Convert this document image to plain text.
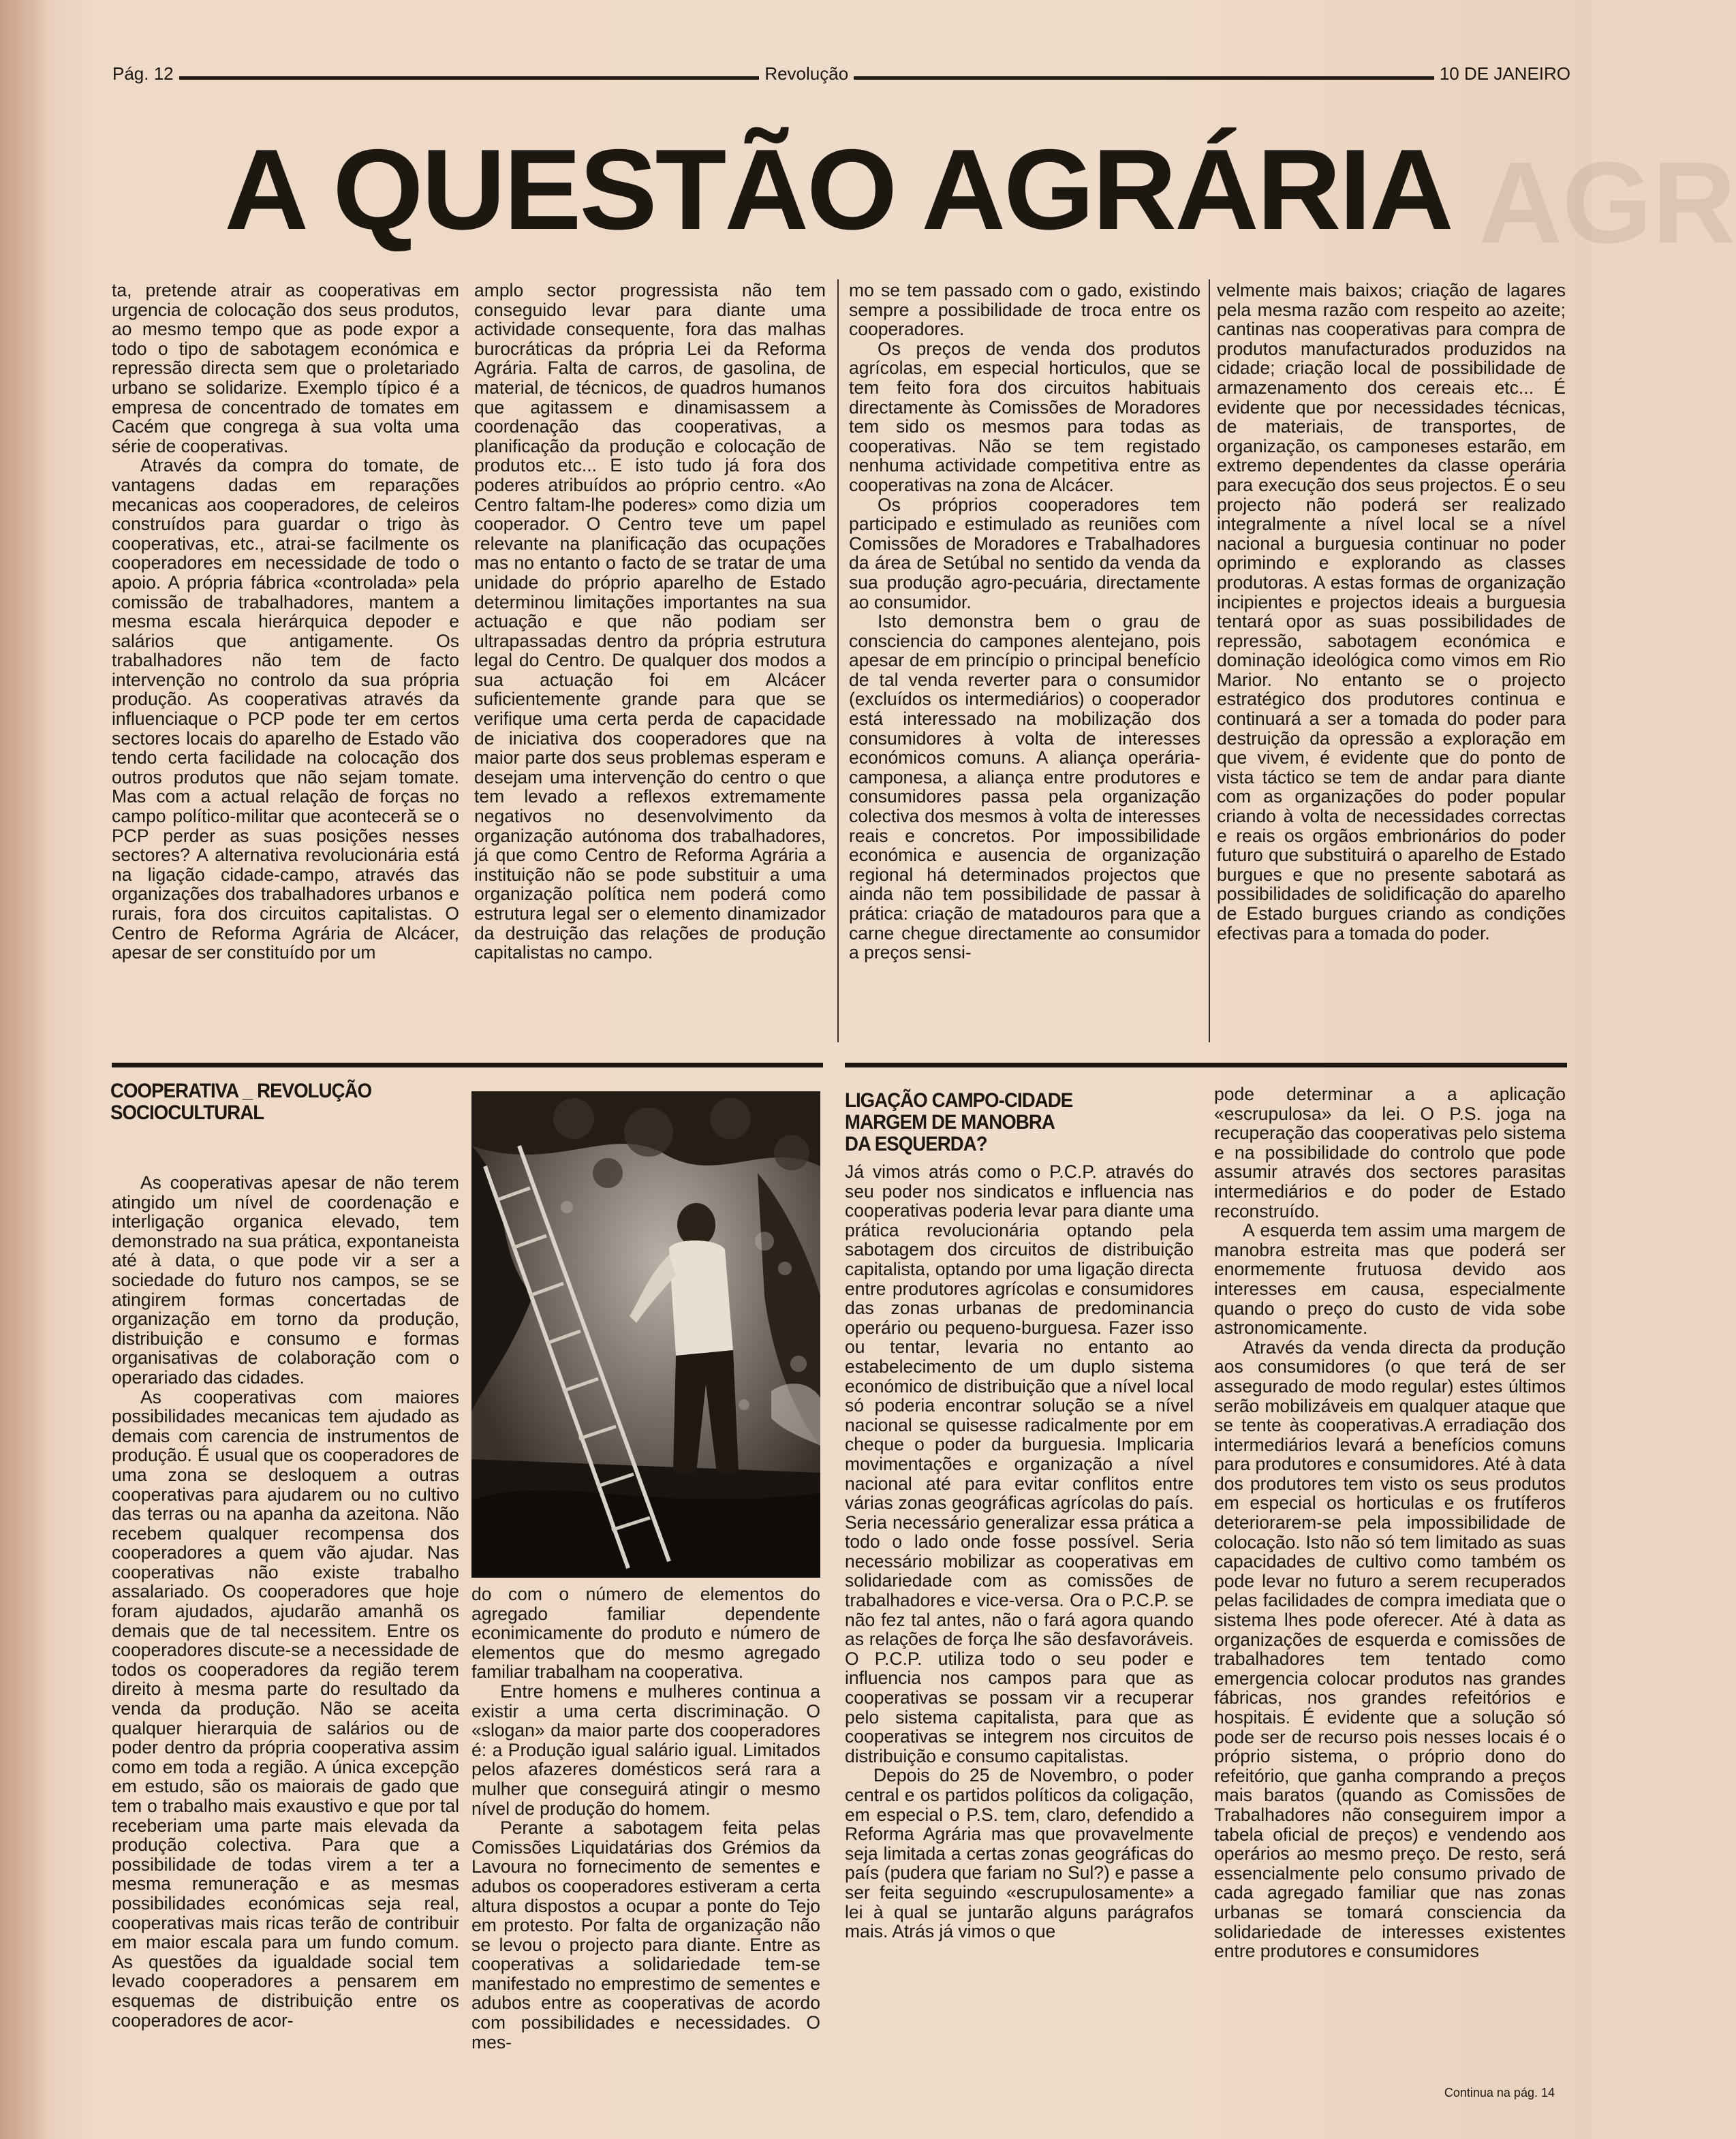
Pág. 12	Revolução	10 DE JANEIRO
AGR
A QUESTÃO AGRÁRIA

ta, pretende atrair as cooperativas em urgencia de colocação dos seus produtos, ao mesmo tempo que as pode expor a todo o tipo de sabotagem económica e repressão directa sem que o proletariado urbano se solidarize. Exemplo típico é a empresa de concentrado de tomates em Cacém que congrega à sua volta uma série de cooperativas.

Através da compra do tomate, de vantagens dadas em reparações mecanicas aos cooperadores, de celeiros construídos para guardar o trigo às cooperativas, etc., atrai-se facilmente os cooperadores em necessidade de todo o apoio. A própria fábrica «controlada» pela comissão de trabalhadores, mantem a mesma escala hierárquica depoder e salários que antigamente. Os trabalhadores não tem de facto intervenção no controlo da sua própria produção. As cooperativas através da influenciaque o PCP pode ter em certos sectores locais do aparelho de Estado vão tendo certa facilidade na colocação dos outros produtos que não sejam tomate. Mas com a actual relação de forças no campo político-militar que aconteceră se o PCP perder as suas posições nesses sectores? A alternativa revolucionária está na ligação cidade-campo, através das organizações dos trabalhadores urbanos e rurais, fora dos circuitos capitalistas. O Centro de Reforma Agrária de Alcácer, apesar de ser constituído por um

amplo sector progressista não tem conseguido levar para diante uma actividade consequente, fora das malhas burocráticas da própria Lei da Reforma Agrária. Falta de carros, de gasolina, de material, de técnicos, de quadros humanos que agitassem e dinamisassem a coordenação das cooperativas, a planificação da produção e colocação de produtos etc... E isto tudo já fora dos poderes atribuídos ao próprio centro. «Ao Centro faltam-lhe poderes» como dizia um cooperador. O Centro teve um papel relevante na planificação das ocupações mas no entanto o facto de se tratar de uma unidade do próprio aparelho de Estado determinou limitações importantes na sua actuação e que não podiam ser ultrapassadas dentro da própria estrutura legal do Centro. De qualquer dos modos a sua actuação foi em Alcácer suficientemente grande para que se verifique uma certa perda de capacidade de iniciativa dos cooperadores que na maior parte dos seus problemas esperam e desejam uma intervenção do centro o que tem levado a reflexos extremamente negativos no desenvolvimento da organização autónoma dos trabalhadores, já que como Centro de Reforma Agrária a instituição não se pode substituir a uma organização política nem poderá como estrutura legal ser o elemento dinamizador da destruição das relações de produção capitalistas no campo.

mo se tem passado com o gado, existindo sempre a possibilidade de troca entre os cooperadores.

Os preços de venda dos produtos agrícolas, em especial horticulos, que se tem feito fora dos circuitos habituais directamente às Comissões de Moradores tem sido os mesmos para todas as cooperativas. Não se tem registado nenhuma actividade competitiva entre as cooperativas na zona de Alcácer.

Os próprios cooperadores tem participado e estimulado as reuniões com Comissões de Moradores e Trabalhadores da área de Setúbal no sentido da venda da sua produção agro-pecuária, directamente ao consumidor.

Isto demonstra bem o grau de consciencia do campones alentejano, pois apesar de em princípio o principal benefício de tal venda reverter para o consumidor (excluídos os intermediários) o cooperador está interessado na mobilização dos consumidores à volta de interesses económicos comuns. A aliança operária-camponesa, a aliança entre produtores e consumidores passa pela organização colectiva dos mesmos à volta de interesses reais e concretos. Por impossibilidade económica e ausencia de organização regional há determinados projectos que ainda não tem possibilidade de passar à prática: criação de matadouros para que a carne chegue directamente ao consumidor a preços sensi-

velmente mais baixos; criação de lagares pela mesma razão com respeito ao azeite; cantinas nas cooperativas para compra de produtos manufacturados produzidos na cidade; criação local de possibilidade de armazenamento dos cereais etc... É evidente que por necessidades técnicas, de materiais, de transportes, de organização, os camponeses estarão, em extremo dependentes da classe operária para execução dos seus projectos. É o seu projecto não poderá ser realizado integralmente a nível local se a nível nacional a burguesia continuar no poder oprimindo e explorando as classes produtoras. A estas formas de organização incipientes e projectos ideais a burguesia tentará opor as suas possibilidades de repressão, sabotagem económica e dominação ideológica como vimos em Rio Marior. No entanto se o projecto estratégico dos produtores continua e continuará a ser a tomada do poder para destruição da opressão a exploração em que vivem, é evidente que do ponto de vista táctico se tem de andar para diante com as organizações do poder popular criando à volta de necessidades correctas e reais os orgãos embrionários do poder futuro que substituirá o aparelho de Estado burgues e que no presente sabotará as possibilidades de solidificação do aparelho de Estado burgues criando as condições efectivas para a tomada do poder.

COOPERATIVA _ REVOLUÇÃO
SOCIOCULTURAL

As cooperativas apesar de não terem atingido um nível de coordenação e interligação organica elevado, tem demonstrado na sua prática, expontaneista até à data, o que pode vir a ser a sociedade do futuro nos campos, se se atingirem formas concertadas de organização em torno da produção, distribuição e consumo e formas organisativas de colaboração com o operariado das cidades.

As cooperativas com maiores possibilidades mecanicas tem ajudado as demais com carencia de instrumentos de produção. É usual que os cooperadores de uma zona se desloquem a outras cooperativas para ajudarem ou no cultivo das terras ou na apanha da azeitona. Não recebem qualquer recompensa dos cooperadores a quem vão ajudar. Nas cooperativas não existe trabalho assalariado. Os cooperadores que hoje foram ajudados, ajudarão amanhã os demais que de tal necessitem. Entre os cooperadores discute-se a necessidade de todos os cooperadores da região terem direito à mesma parte do resultado da venda da produção. Não se aceita qualquer hierarquia de salários ou de poder dentro da própria cooperativa assim como em toda a região. A única excepção em estudo, são os maiorais de gado que tem o trabalho mais exaustivo e que por tal receberiam uma parte mais elevada da produção colectiva. Para que a possibilidade de todas virem a ter a mesma remuneração e as mesmas possibilidades económicas seja real, cooperativas mais ricas terão de contribuir em maior escala para um fundo comum. As questões da igualdade social tem levado cooperadores a pensarem em esquemas de distribuição entre os cooperadores de acor-

do com o número de elementos do agregado familiar dependente econimicamente do produto e número de elementos que do mesmo agregado familiar trabalham na cooperativa.

Entre homens e mulheres continua a existir a uma certa discriminação. O «slogan» da maior parte dos cooperadores é: a Produção igual salário igual. Limitados pelos afazeres domésticos será rara a mulher que conseguirá atingir o mesmo nível de produção do homem.

Perante a sabotagem feita pelas Comissões Liquidatárias dos Grémios da Lavoura no fornecimento de sementes e adubos os cooperadores estiveram a certa altura dispostos a ocupar a ponte do Tejo em protesto. Por falta de organização não se levou o projecto para diante. Entre as cooperativas a solidariedade tem-se manifestado no emprestimo de sementes e adubos entre as cooperativas de acordo com possibilidades e necessidades. O mes-

LIGAÇÃO CAMPO-CIDADE
MARGEM DE MANOBRA
DA ESQUERDA?

Já vimos atrás como o P.C.P. através do seu poder nos sindicatos e influencia nas cooperativas poderia levar para diante uma prática revolucionária optando pela sabotagem dos circuitos de distribuição capitalista, optando por uma ligação directa entre produtores agrícolas e consumidores das zonas urbanas de predominancia operário ou pequeno-burguesa. Fazer isso ou tentar, levaria no entanto ao estabelecimento de um duplo sistema económico de distribuição que a nível local só poderia encontrar solução se a nível nacional se quisesse radicalmente por em cheque o poder da burguesia. Implicaria movimentações e organização a nível nacional até para evitar conflitos entre várias zonas geográficas agrícolas do país. Seria necessário generalizar essa prática a todo o lado onde fosse possível. Seria necessário mobilizar as cooperativas em solidariedade com as comissões de trabalhadores e vice-versa. Ora o P.C.P. se não fez tal antes, não o fará agora quando as relações de força lhe são desfavoráveis. O P.C.P. utiliza todo o seu poder e influencia nos campos para que as cooperativas se possam vir a recuperar pelo sistema capitalista, para que as cooperativas se integrem nos circuitos de distribuição e consumo capitalistas.

Depois do 25 de Novembro, o poder central e os partidos políticos da coligação, em especial o P.S. tem, claro, defendido a Reforma Agrária mas que provavelmente seja limitada a certas zonas geográficas do país (pudera que fariam no Sul?) e passe a ser feita seguindo «escrupulosamente» a lei à qual se juntarão alguns parágrafos mais. Atrás já vimos o que

pode determinar a a aplicação «escrupulosa» da lei. O P.S. joga na recuperação das cooperativas pelo sistema e na possibilidade do controlo que pode assumir através dos sectores parasitas intermediários e do poder de Estado reconstruído.

A esquerda tem assim uma margem de manobra estreita mas que poderá ser enormemente frutuosa devido aos interesses em causa, especialmente quando o preço do custo de vida sobe astronomicamente.

Através da venda directa da produção aos consumidores (o que terá de ser assegurado de modo regular) estes últimos serão mobilizáveis em qualquer ataque que se tente às cooperativas.A erradiação dos intermediários levará a benefícios comuns para produtores e consumidores. Até à data dos produtores tem visto os seus produtos em especial os horticulas e os frutíferos deteriorarem-se pela impossibilidade de colocação. Isto não só tem limitado as suas capacidades de cultivo como também os pode levar no futuro a serem recuperados pelas facilidades de compra imediata que o sistema lhes pode oferecer. Até à data as organizações de esquerda e comissões de trabalhadores tem tentado como emergencia colocar produtos nas grandes fábricas, nos grandes refeitórios e hospitais. É evidente que a solução só pode ser de recurso pois nesses locais é o próprio sistema, o próprio dono do refeitório, que ganha comprando a preços mais baratos (quando as Comissões de Trabalhadores não conseguirem impor a tabela oficial de preços) e vendendo aos operários ao mesmo preço. De resto, será essencialmente pelo consumo privado de cada agregado familiar que nas zonas urbanas se tomará consciencia da solidariedade de interesses existentes entre produtores e consumidores

Continua na pág. 14
